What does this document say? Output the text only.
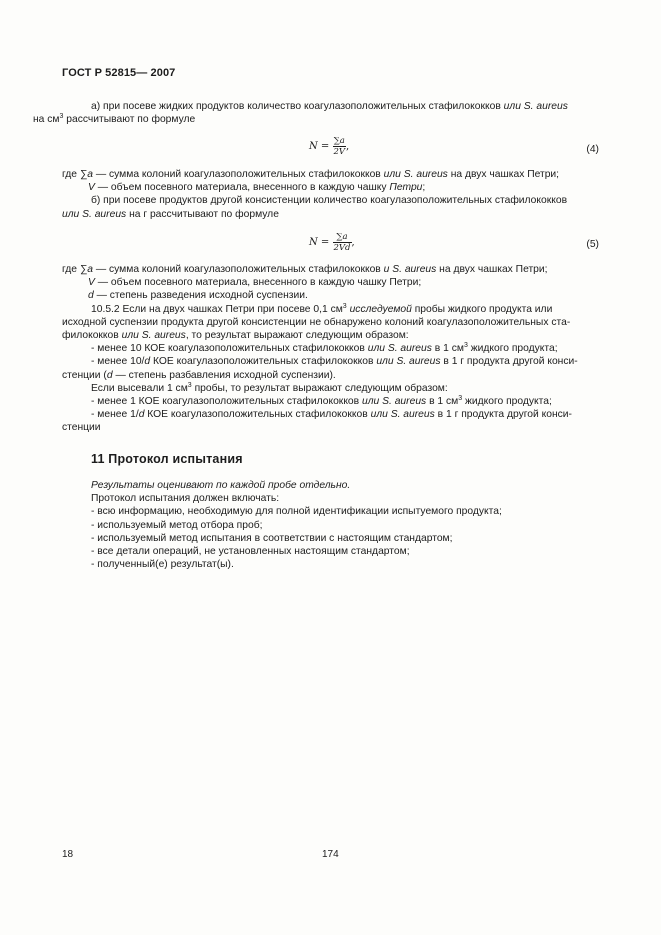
ГОСТ Р 52815— 2007

а) при посеве жидких продуктов количество коагулазоположительных стафилококков или S. aureus
на $см^3$ рассчитывают по формуле

$N = \frac{\sum a}{2V}$ ,	(4)

где ∑a — сумма колоний коагулазоположительных стафилококков или S. aureus на двух чашках Петри;

V — объем посевного материала, внесенного в каждую чашку Петри;

б) при посеве продуктов другой консистенции количество коагулазоположительных стафилококков

или S. aureus на г рассчитывают по формуле

$N = \frac{\sum a}{2Vd}$ ,	(5)

где ∑a — сумма колоний коагулазоположительных стафилококков u S. aureus на двух чашках Петри;

V — объем посевного материала, внесенного в каждую чашку Петри;

d — степень разведения исходной суспензии.

10.5.2 Если на двух чашках Петри при посеве 0,1 $см^3$ исследуемой пробы жидкого продукта или

исходной суспензии продукта другой консистенции не обнаружено колоний коагулазоположительных ста-

филококков или S. aureus, то результат выражают следующим образом:

- менее 10 КОЕ коагулазоположительных стафилококков или S. aureus в 1 $см^3$ жидкого продукта;

- менее 10/d КОЕ коагулазоположительных стафилококков или S. aureus в 1 г продукта другой конси-

стенции (d — степень разбавления исходной суспензии).

Если высевали 1 $см^3$ пробы, то результат выражают следующим образом:

- менее 1 КОЕ коагулазоположительных стафилококков или S. aureus в 1 $см^3$ жидкого продукта;

- менее 1/d КОЕ коагулазоположительных стафилококков или S. aureus в 1 г продукта другой конси-

стенции

11 Протокол испытания

Результаты оценивают по каждой пробе отдельно.

Протокол испытания должен включать:

- всю информацию, необходимую для полной идентификации испытуемого продукта;

- используемый метод отбора проб;

- используемый метод испытания в соответствии с настоящим стандартом;

- все детали операций, не установленных настоящим стандартом;

- полученный(е) результат(ы).

18	174
